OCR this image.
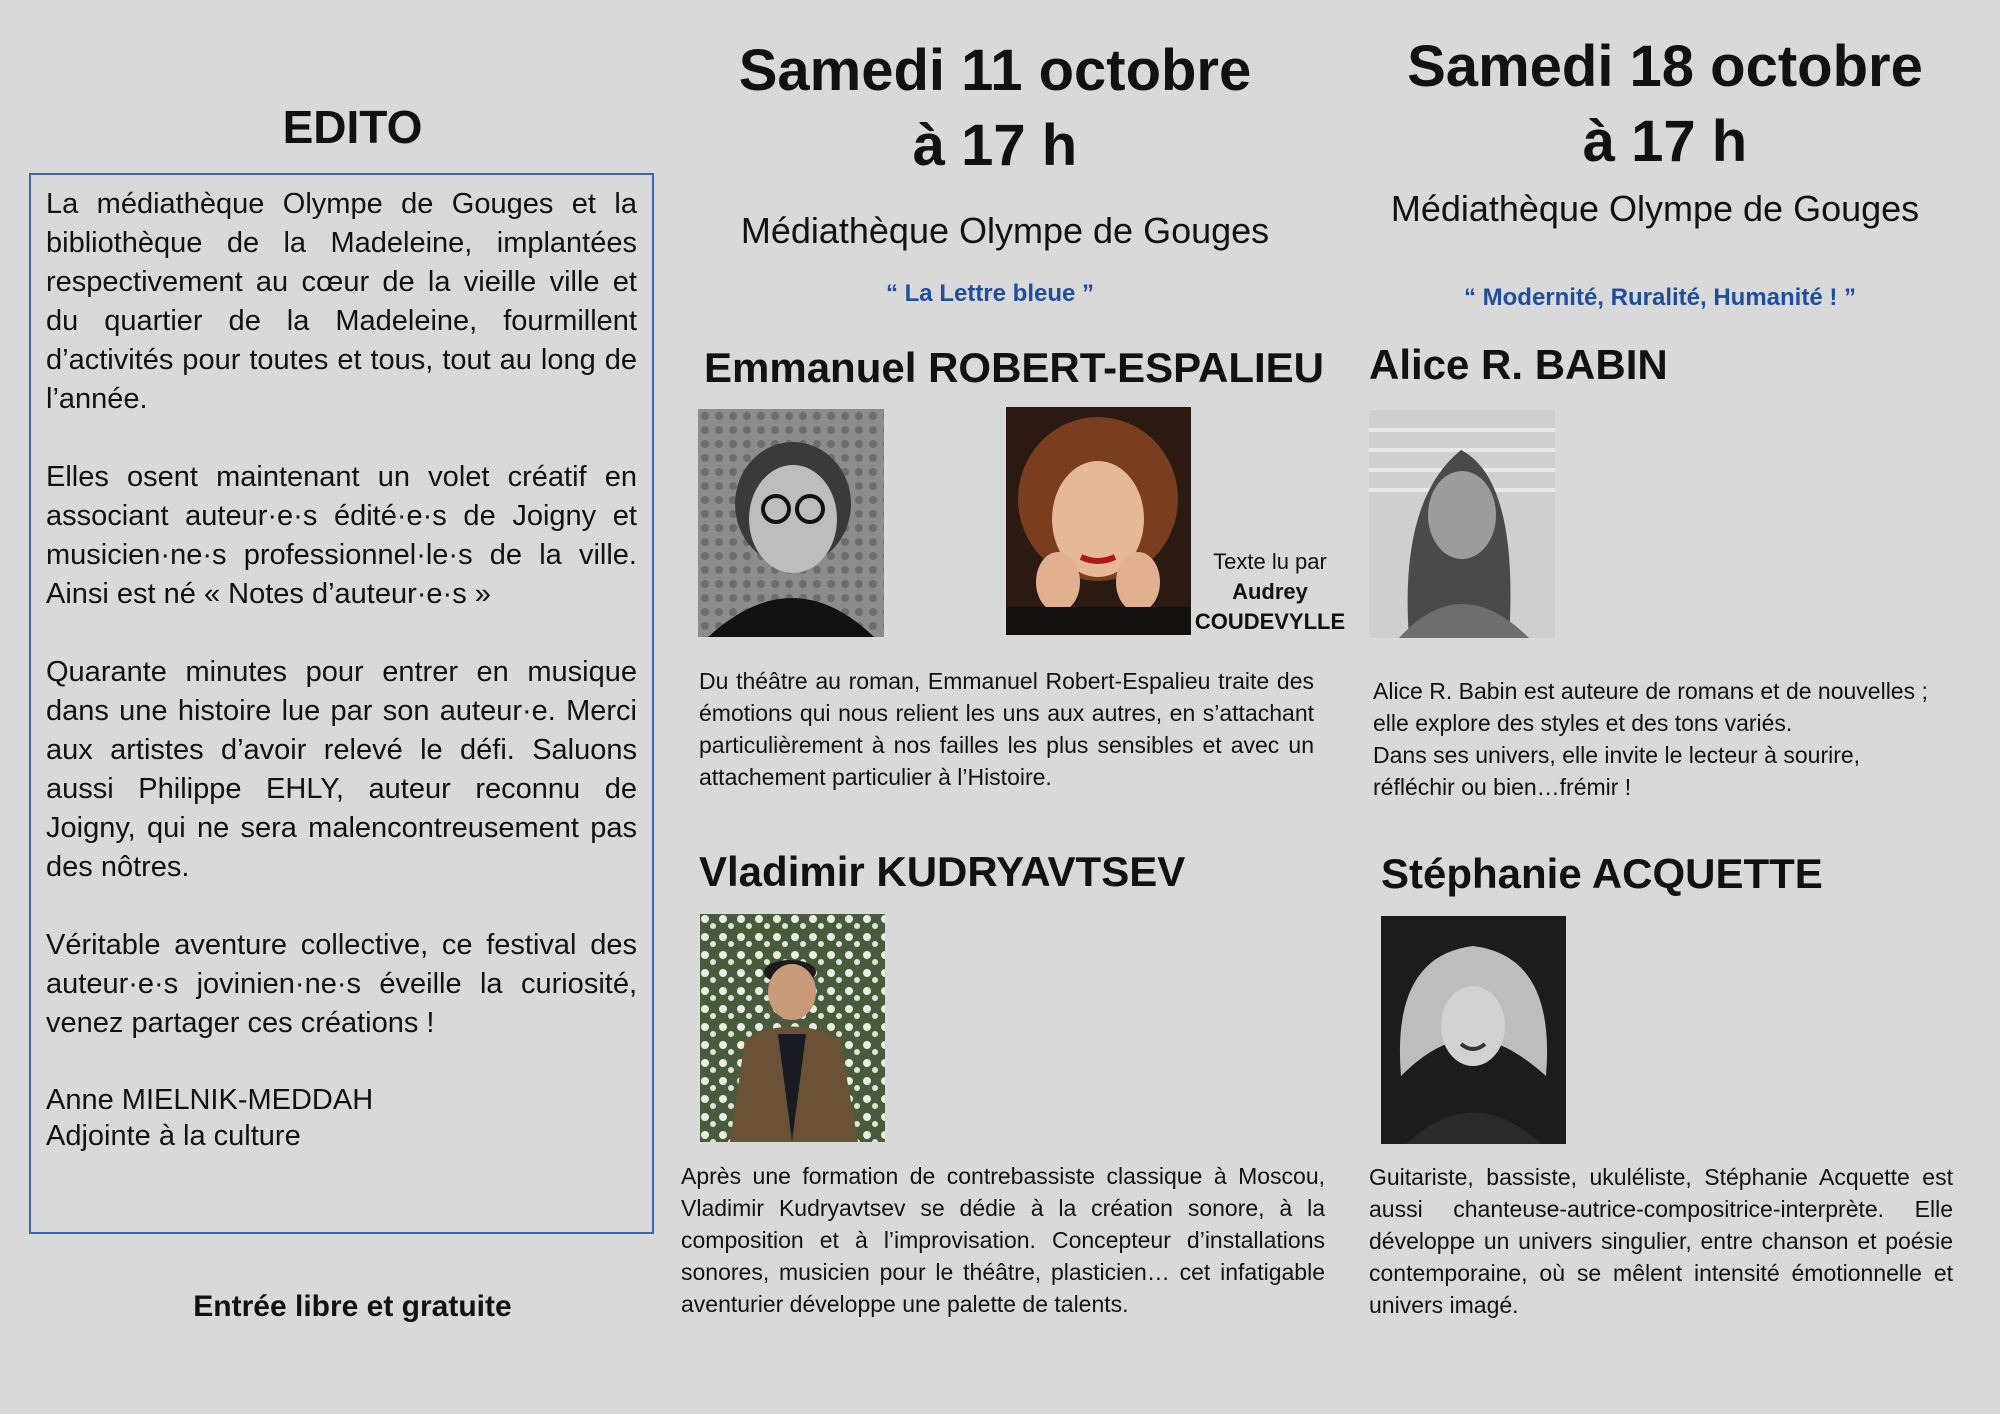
EDITO

La médiathèque Olympe de Gouges et la bibliothèque de la Madeleine, implantées respectivement au cœur de la vieille ville et du quartier de la Madeleine, fourmillent d’activités pour toutes et tous, tout au long de l’année.

Elles osent maintenant un volet créatif en associant auteur·e·s édité·e·s de Joigny et musicien·ne·s professionnel·le·s de la ville. Ainsi est né « Notes d’auteur·e·s »

Quarante minutes pour entrer en musique dans une histoire lue par son auteur·e. Merci aux artistes d’avoir relevé le défi. Saluons aussi Philippe EHLY, auteur reconnu de Joigny, qui ne sera malencontreusement pas des nôtres.

Véritable aventure collective, ce festival des auteur·e·s jovinien·ne·s éveille la curiosité, venez partager ces créations !

Anne MIELNIK-MEDDAH
Adjointe à la culture
Entrée libre et gratuite
Samedi 11 octobre
à 17 h
Médiathèque Olympe de Gouges
“ La Lettre bleue ”
Emmanuel ROBERT-ESPALIEU
Texte lu par
Audrey
COUDEVYLLE
Du théâtre au roman, Emmanuel Robert-Espalieu traite des émotions qui nous relient les uns aux autres, en s’attachant particulièrement à nos failles les plus sensibles et avec un attachement particulier à l’Histoire.
Vladimir KUDRYAVTSEV
Après une formation de contrebassiste classique à Moscou, Vladimir Kudryavtsev se dédie à la création sonore, à la composition et à l’improvisation. Concepteur d’installations sonores, musicien pour le théâtre, plasticien… cet infatigable aventurier développe une palette de talents.
Samedi 18 octobre
à 17 h
Médiathèque Olympe de Gouges
“ Modernité, Ruralité, Humanité ! ”
Alice R. BABIN
Alice R. Babin est auteure de romans et de nouvelles ;
elle explore des styles et des tons variés.
Dans ses univers, elle invite le lecteur à sourire,
réfléchir ou bien…frémir !
Stéphanie ACQUETTE
Guitariste, bassiste, ukuléliste, Stéphanie Acquette est aussi chanteuse-autrice-compositrice-interprète. Elle développe un univers singulier, entre chanson et poésie contemporaine, où se mêlent intensité émotionnelle et univers imagé.
